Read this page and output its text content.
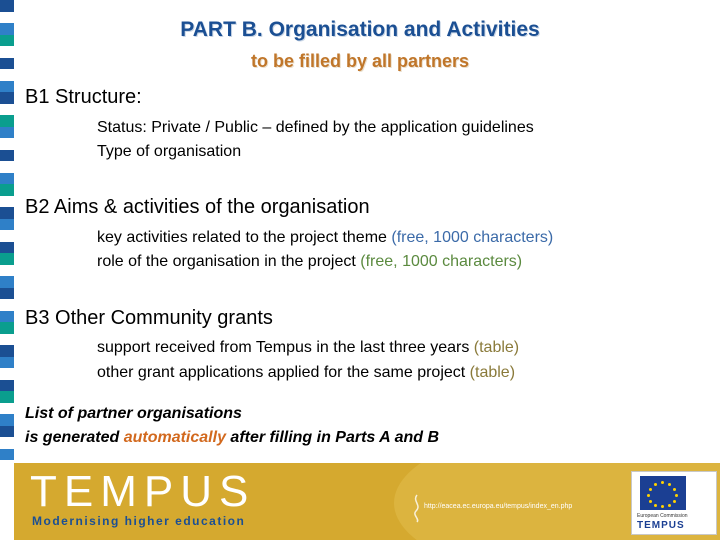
PART B. Organisation and Activities
to be filled by all partners
B1 Structure:
Status: Private / Public – defined by the application guidelines
Type of organisation
B2 Aims & activities of the organisation
key activities related to the project theme (free, 1000 characters)
role of the organisation in the project (free, 1000 characters)
B3 Other Community grants
support received from Tempus in the last three years (table)
other grant applications applied for the same project (table)
List of partner organisations
is generated automatically after filling in Parts A and B
TEMPUS
Modernising higher education
http://eacea.ec.europa.eu/tempus/index_en.php
European Commission
TEMPUS
